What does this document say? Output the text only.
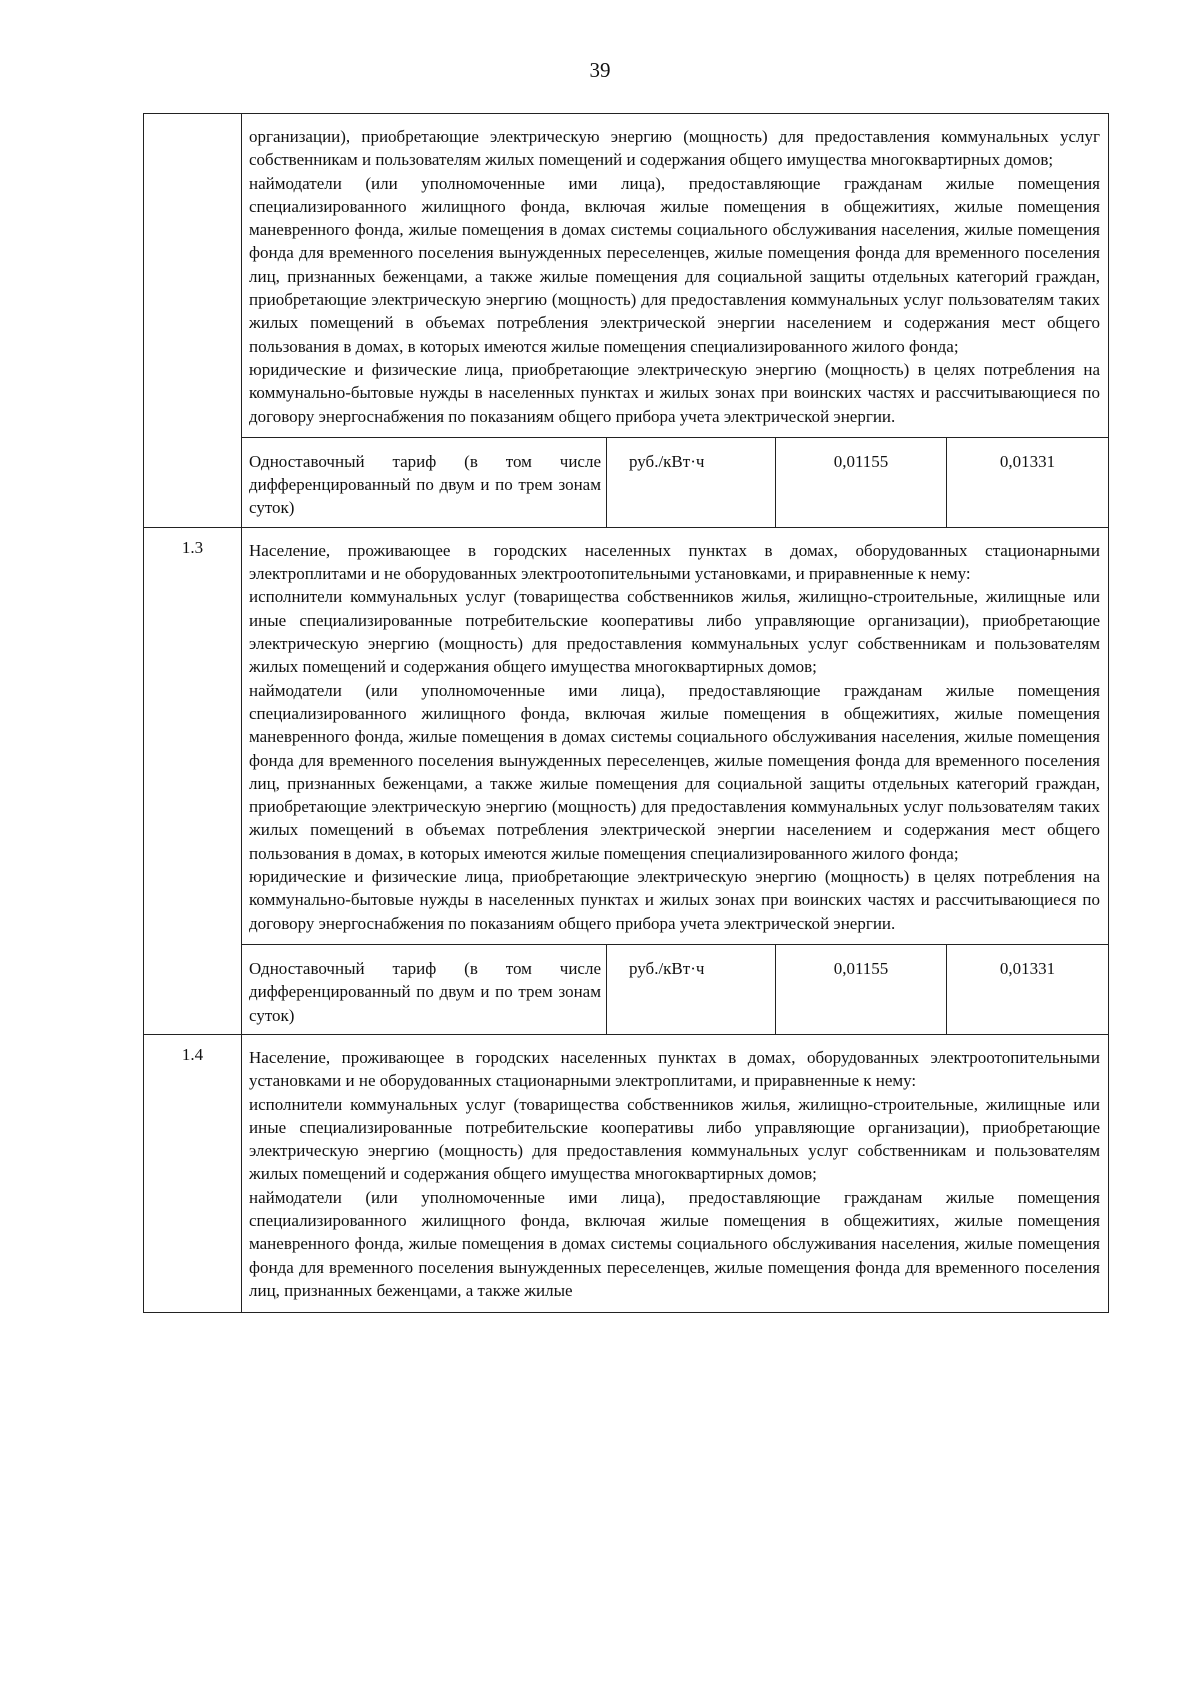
39

организации), приобретающие электрическую энергию (мощность) для предоставления коммунальных услуг собственникам и пользователям жилых помещений и содержания общего имущества многоквартирных домов;

наймодатели (или уполномоченные ими лица), предоставляющие гражданам жилые помещения специализированного жилищного фонда, включая жилые помещения в общежитиях, жилые помещения маневренного фонда, жилые помещения в домах системы социального обслуживания населения, жилые помещения фонда для временного поселения вынужденных переселенцев, жилые помещения фонда для временного поселения лиц, признанных беженцами, а также жилые помещения для социальной защиты отдельных категорий граждан, приобретающие электрическую энергию (мощность) для предоставления коммунальных услуг пользователям таких жилых помещений в объемах потребления электрической энергии населением и содержания мест общего пользования в домах, в которых имеются жилые помещения специализированного жилого фонда;

юридические и физические лица, приобретающие электрическую энергию (мощность) в целях потребления на коммунально-бытовые нужды в населенных пунктах и жилых зонах при воинских частях и рассчитывающиеся по договору энергоснабжения по показаниям общего прибора учета электрической энергии.

Одноставочный тариф (в том числе дифференцированный по двум и по трем зонам суток)	руб./кВт·ч	0,01155	0,01331

1.3	Население, проживающее в городских населенных пунктах в домах, оборудованных стационарными электроплитами и не оборудованных электроотопительными установками, и приравненные к нему:

исполнители коммунальных услуг (товарищества собственников жилья, жилищно-строительные, жилищные или иные специализированные потребительские кооперативы либо управляющие организации), приобретающие электрическую энергию (мощность) для предоставления коммунальных услуг собственникам и пользователям жилых помещений и содержания общего имущества многоквартирных домов;

наймодатели (или уполномоченные ими лица), предоставляющие гражданам жилые помещения специализированного жилищного фонда, включая жилые помещения в общежитиях, жилые помещения маневренного фонда, жилые помещения в домах системы социального обслуживания населения, жилые помещения фонда для временного поселения вынужденных переселенцев, жилые помещения фонда для временного поселения лиц, признанных беженцами, а также жилые помещения для социальной защиты отдельных категорий граждан, приобретающие электрическую энергию (мощность) для предоставления коммунальных услуг пользователям таких жилых помещений в объемах потребления электрической энергии населением и содержания мест общего пользования в домах, в которых имеются жилые помещения специализированного жилого фонда;

юридические и физические лица, приобретающие электрическую энергию (мощность) в целях потребления на коммунально-бытовые нужды в населенных пунктах и жилых зонах при воинских частях и рассчитывающиеся по договору энергоснабжения по показаниям общего прибора учета электрической энергии.

Одноставочный тариф (в том числе дифференцированный по двум и по трем зонам суток)	руб./кВт·ч	0,01155	0,01331

1.4	Население, проживающее в городских населенных пунктах в домах, оборудованных электроотопительными установками и не оборудованных стационарными электроплитами, и приравненные к нему:

исполнители коммунальных услуг (товарищества собственников жилья, жилищно-строительные, жилищные или иные специализированные потребительские кооперативы либо управляющие организации), приобретающие электрическую энергию (мощность) для предоставления коммунальных услуг собственникам и пользователям жилых помещений и содержания общего имущества многоквартирных домов;

наймодатели (или уполномоченные ими лица), предоставляющие гражданам жилые помещения специализированного жилищного фонда, включая жилые помещения в общежитиях, жилые помещения маневренного фонда, жилые помещения в домах системы социального обслуживания населения, жилые помещения фонда для временного поселения вынужденных переселенцев, жилые помещения фонда для временного поселения лиц, признанных беженцами, а также жилые
